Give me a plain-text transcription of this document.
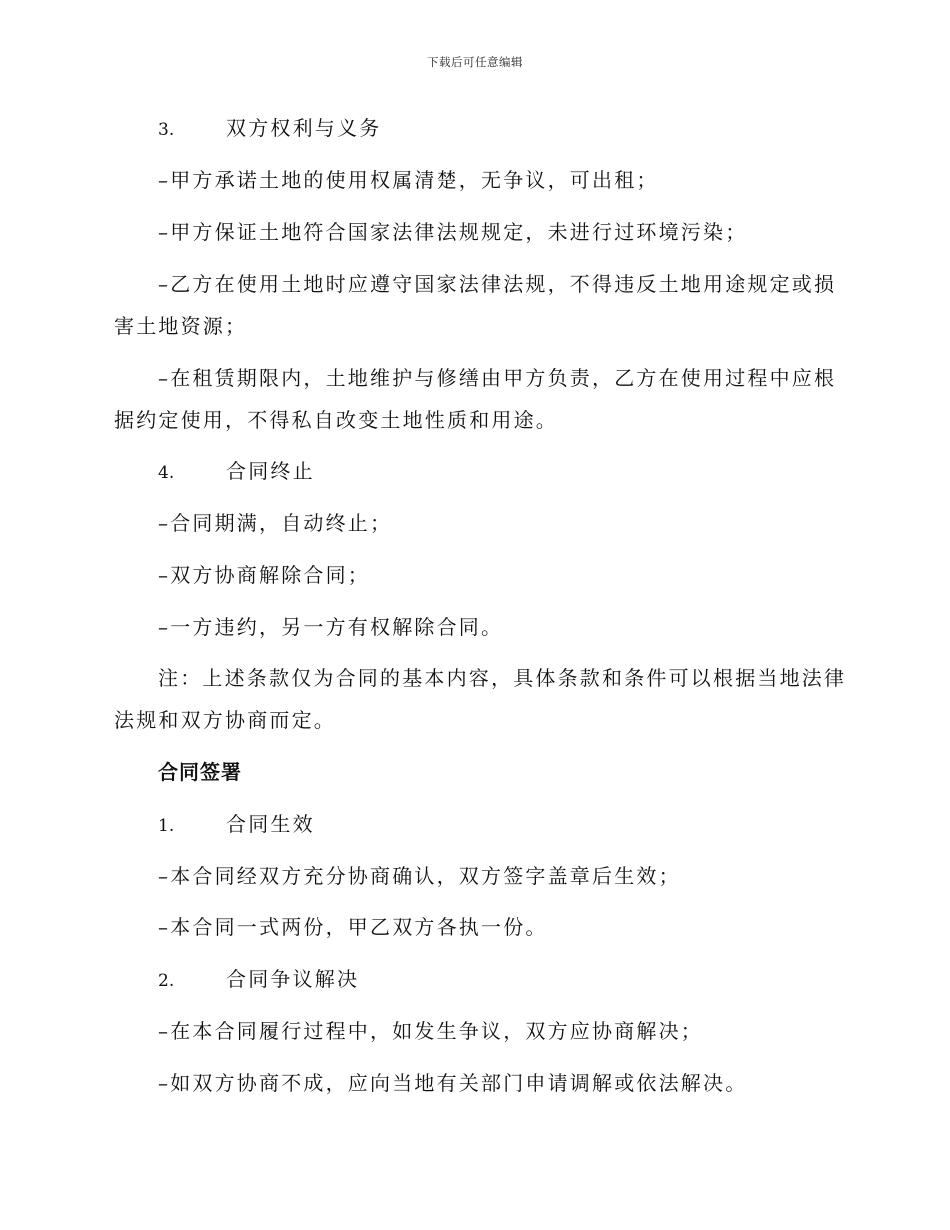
下载后可任意编辑
3.	双方权利与义务
–甲方承诺土地的使用权属清楚，无争议，可出租；
–甲方保证土地符合国家法律法规规定，未进行过环境污染；
–乙方在使用土地时应遵守国家法律法规，不得违反土地用途规定或损
害土地资源；
–在租赁期限内，土地维护与修缮由甲方负责，乙方在使用过程中应根
据约定使用，不得私自改变土地性质和用途。
4.	合同终止
–合同期满，自动终止；
–双方协商解除合同；
–一方违约，另一方有权解除合同。
注：上述条款仅为合同的基本内容，具体条款和条件可以根据当地法律
法规和双方协商而定。
合同签署
1.	合同生效
–本合同经双方充分协商确认，双方签字盖章后生效；
–本合同一式两份，甲乙双方各执一份。
2.	合同争议解决
–在本合同履行过程中，如发生争议，双方应协商解决；
–如双方协商不成，应向当地有关部门申请调解或依法解决。
